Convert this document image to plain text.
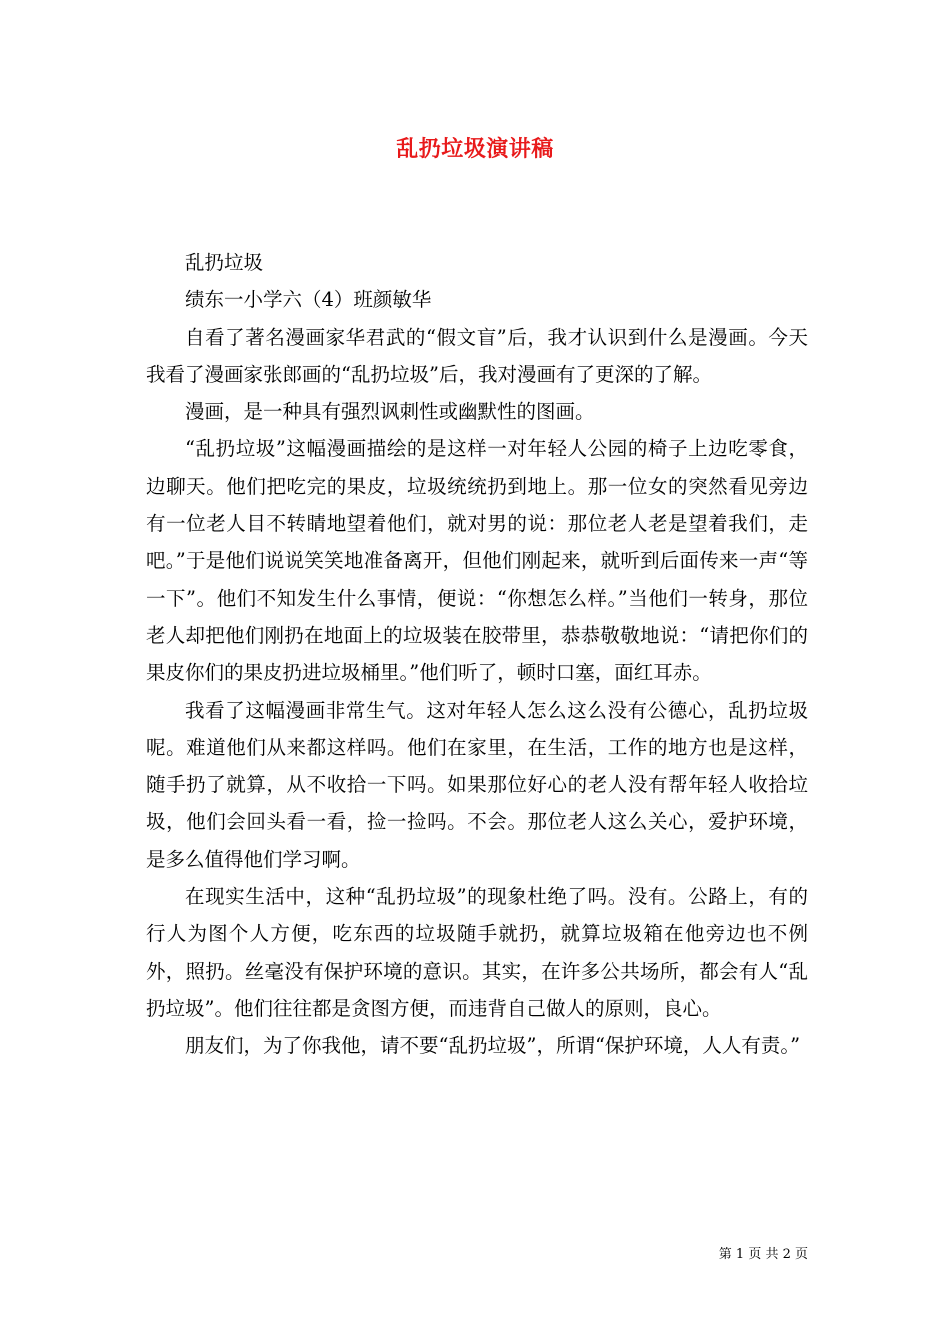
乱扔垃圾演讲稿

乱扔垃圾

绩东一小学六（4）班颜敏华

自看了著名漫画家华君武的“假文盲”后，我才认识到什么是漫画。今天我看了漫画家张郎画的“乱扔垃圾”后，我对漫画有了更深的了解。

漫画，是一种具有强烈讽刺性或幽默性的图画。

“乱扔垃圾”这幅漫画描绘的是这样一对年轻人公园的椅子上边吃零食，边聊天。他们把吃完的果皮，垃圾统统扔到地上。那一位女的突然看见旁边有一位老人目不转睛地望着他们，就对男的说：那位老人老是望着我们，走吧。”于是他们说说笑笑地准备离开，但他们刚起来，就听到后面传来一声“等一下”。他们不知发生什么事情，便说：“你想怎么样。”当他们一转身，那位老人却把他们刚扔在地面上的垃圾装在胶带里，恭恭敬敬地说：“请把你们的果皮你们的果皮扔进垃圾桶里。”他们听了，顿时口塞，面红耳赤。

我看了这幅漫画非常生气。这对年轻人怎么这么没有公德心，乱扔垃圾呢。难道他们从来都这样吗。他们在家里，在生活，工作的地方也是这样，随手扔了就算，从不收拾一下吗。如果那位好心的老人没有帮年轻人收拾垃圾，他们会回头看一看，捡一捡吗。不会。那位老人这么关心，爱护环境，是多么值得他们学习啊。

在现实生活中，这种“乱扔垃圾”的现象杜绝了吗。没有。公路上，有的行人为图个人方便，吃东西的垃圾随手就扔，就算垃圾箱在他旁边也不例外，照扔。丝毫没有保护环境的意识。其实，在许多公共场所，都会有人“乱扔垃圾”。他们往往都是贪图方便，而违背自己做人的原则，良心。

朋友们，为了你我他，请不要“乱扔垃圾”，所谓“保护环境，人人有责。”

第 1 页 共 2 页
